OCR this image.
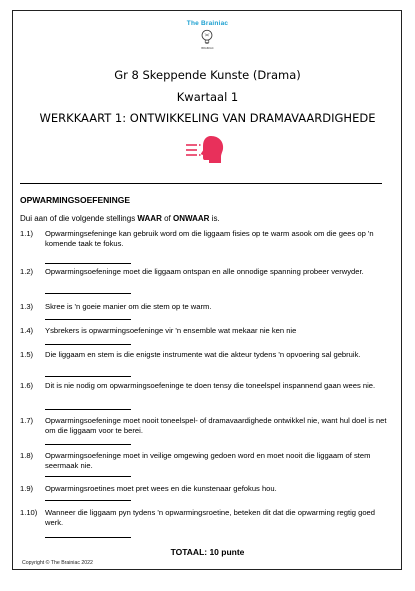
The Brainiac
BRAINIAC
Gr 8 Skeppende Kunste (Drama)
Kwartaal 1
WERKKAART 1: ONTWIKKELING VAN DRAMAVAARDIGHEDE
OPWARMINGSOEFENINGE
Dui aan of die volgende stellings WAAR of ONWAAR is.
1.1) Opwarmingsefeninge kan gebruik word om die liggaam fisies op te warm asook om die gees op 'n komende taak te fokus.
1.2) Opwarmingsoefeninge moet die liggaam ontspan en alle onnodige spanning probeer verwyder.
1.3) Skree is 'n goeie manier om die stem op te warm.
1.4) Ysbrekers is opwarmingsoefeninge vir 'n ensemble wat mekaar nie ken nie
1.5) Die liggaam en stem is die enigste instrumente wat die akteur tydens 'n opvoering sal gebruik.
1.6) Dit is nie nodig om opwarmingsoefeninge te doen tensy die toneelspel inspannend gaan wees nie.
1.7) Opwarmingsoefeninge moet nooit toneelspel- of dramavaardighede ontwikkel nie, want hul doel is net om die liggaam voor te berei.
1.8) Opwarmingsoefeninge moet in veilige omgewing gedoen word en moet nooit die liggaam of stem seermaak nie.
1.9) Opwarmingsroetines moet pret wees en die kunstenaar gefokus hou.
1.10) Wanneer die liggaam pyn tydens 'n opwarmingsroetine, beteken dit dat die opwarming regtig goed werk.
TOTAAL: 10 punte
Copyright © The Brainiac 2022
